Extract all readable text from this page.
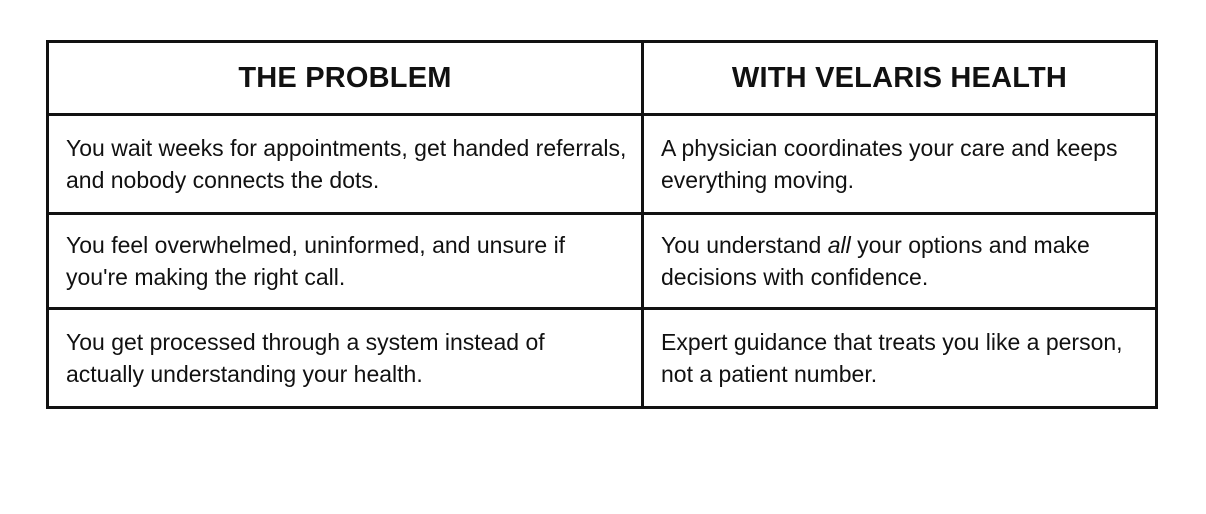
THE PROBLEM	WITH VELARIS HEALTH
You wait weeks for appointments, get handed referrals, and nobody connects the dots.	A physician coordinates your care and keeps everything moving.
You feel overwhelmed, uninformed, and unsure if you're making the right call.	You understand all your options and make decisions with confidence.
You get processed through a system instead of actually understanding your health.	Expert guidance that treats you like a person, not a patient number.
